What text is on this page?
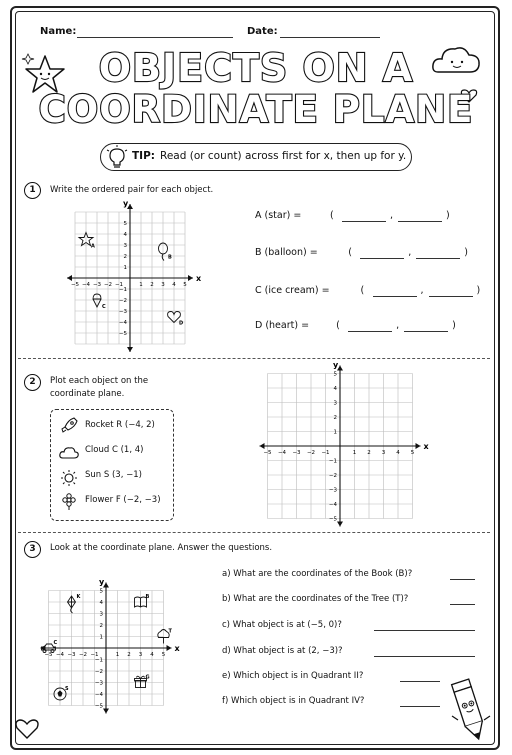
Name:	Date:
OBJECTS ON A
COORDINATE PLANE
TIP: Read (or count) across first for x, then up for y.
1	Write the ordered pair for each object.
x
y
−5
−5
−4
−4
−3
−3
−2
−2
−1
−1
1
1
2
2
3
3
4
4
5
5
A
B
C
D
A (star) =	(	,	)
B (balloon) =	(	,	)
C (ice cream) =	(	,	)
D (heart) =	(	,	)
2	Plot each object on the
coordinate plane.
Rocket R (−4, 2)
Cloud C (1, 4)
Sun S (3, −1)
Flower F (−2, −3)
x
y
−5
−5
−4
−4
−3
−3
−2
−2
−1
−1
1
1
2
2
3
3
4
4
5
5
3	Look at the coordinate plane. Answer the questions.
x
y
−5
−5
−4
−4
−3
−3
−2
−2
−1
−1
1
1
2
2
3
3
4
4
5
5
K	B
T
C
S
G
a) What are the coordinates of the Book (B)?
b) What are the coordinates of the Tree (T)?
c) What object is at (−5, 0)?
d) What object is at (2, −3)?
e) Which object is in Quadrant II?
f) Which object is in Quadrant IV?
